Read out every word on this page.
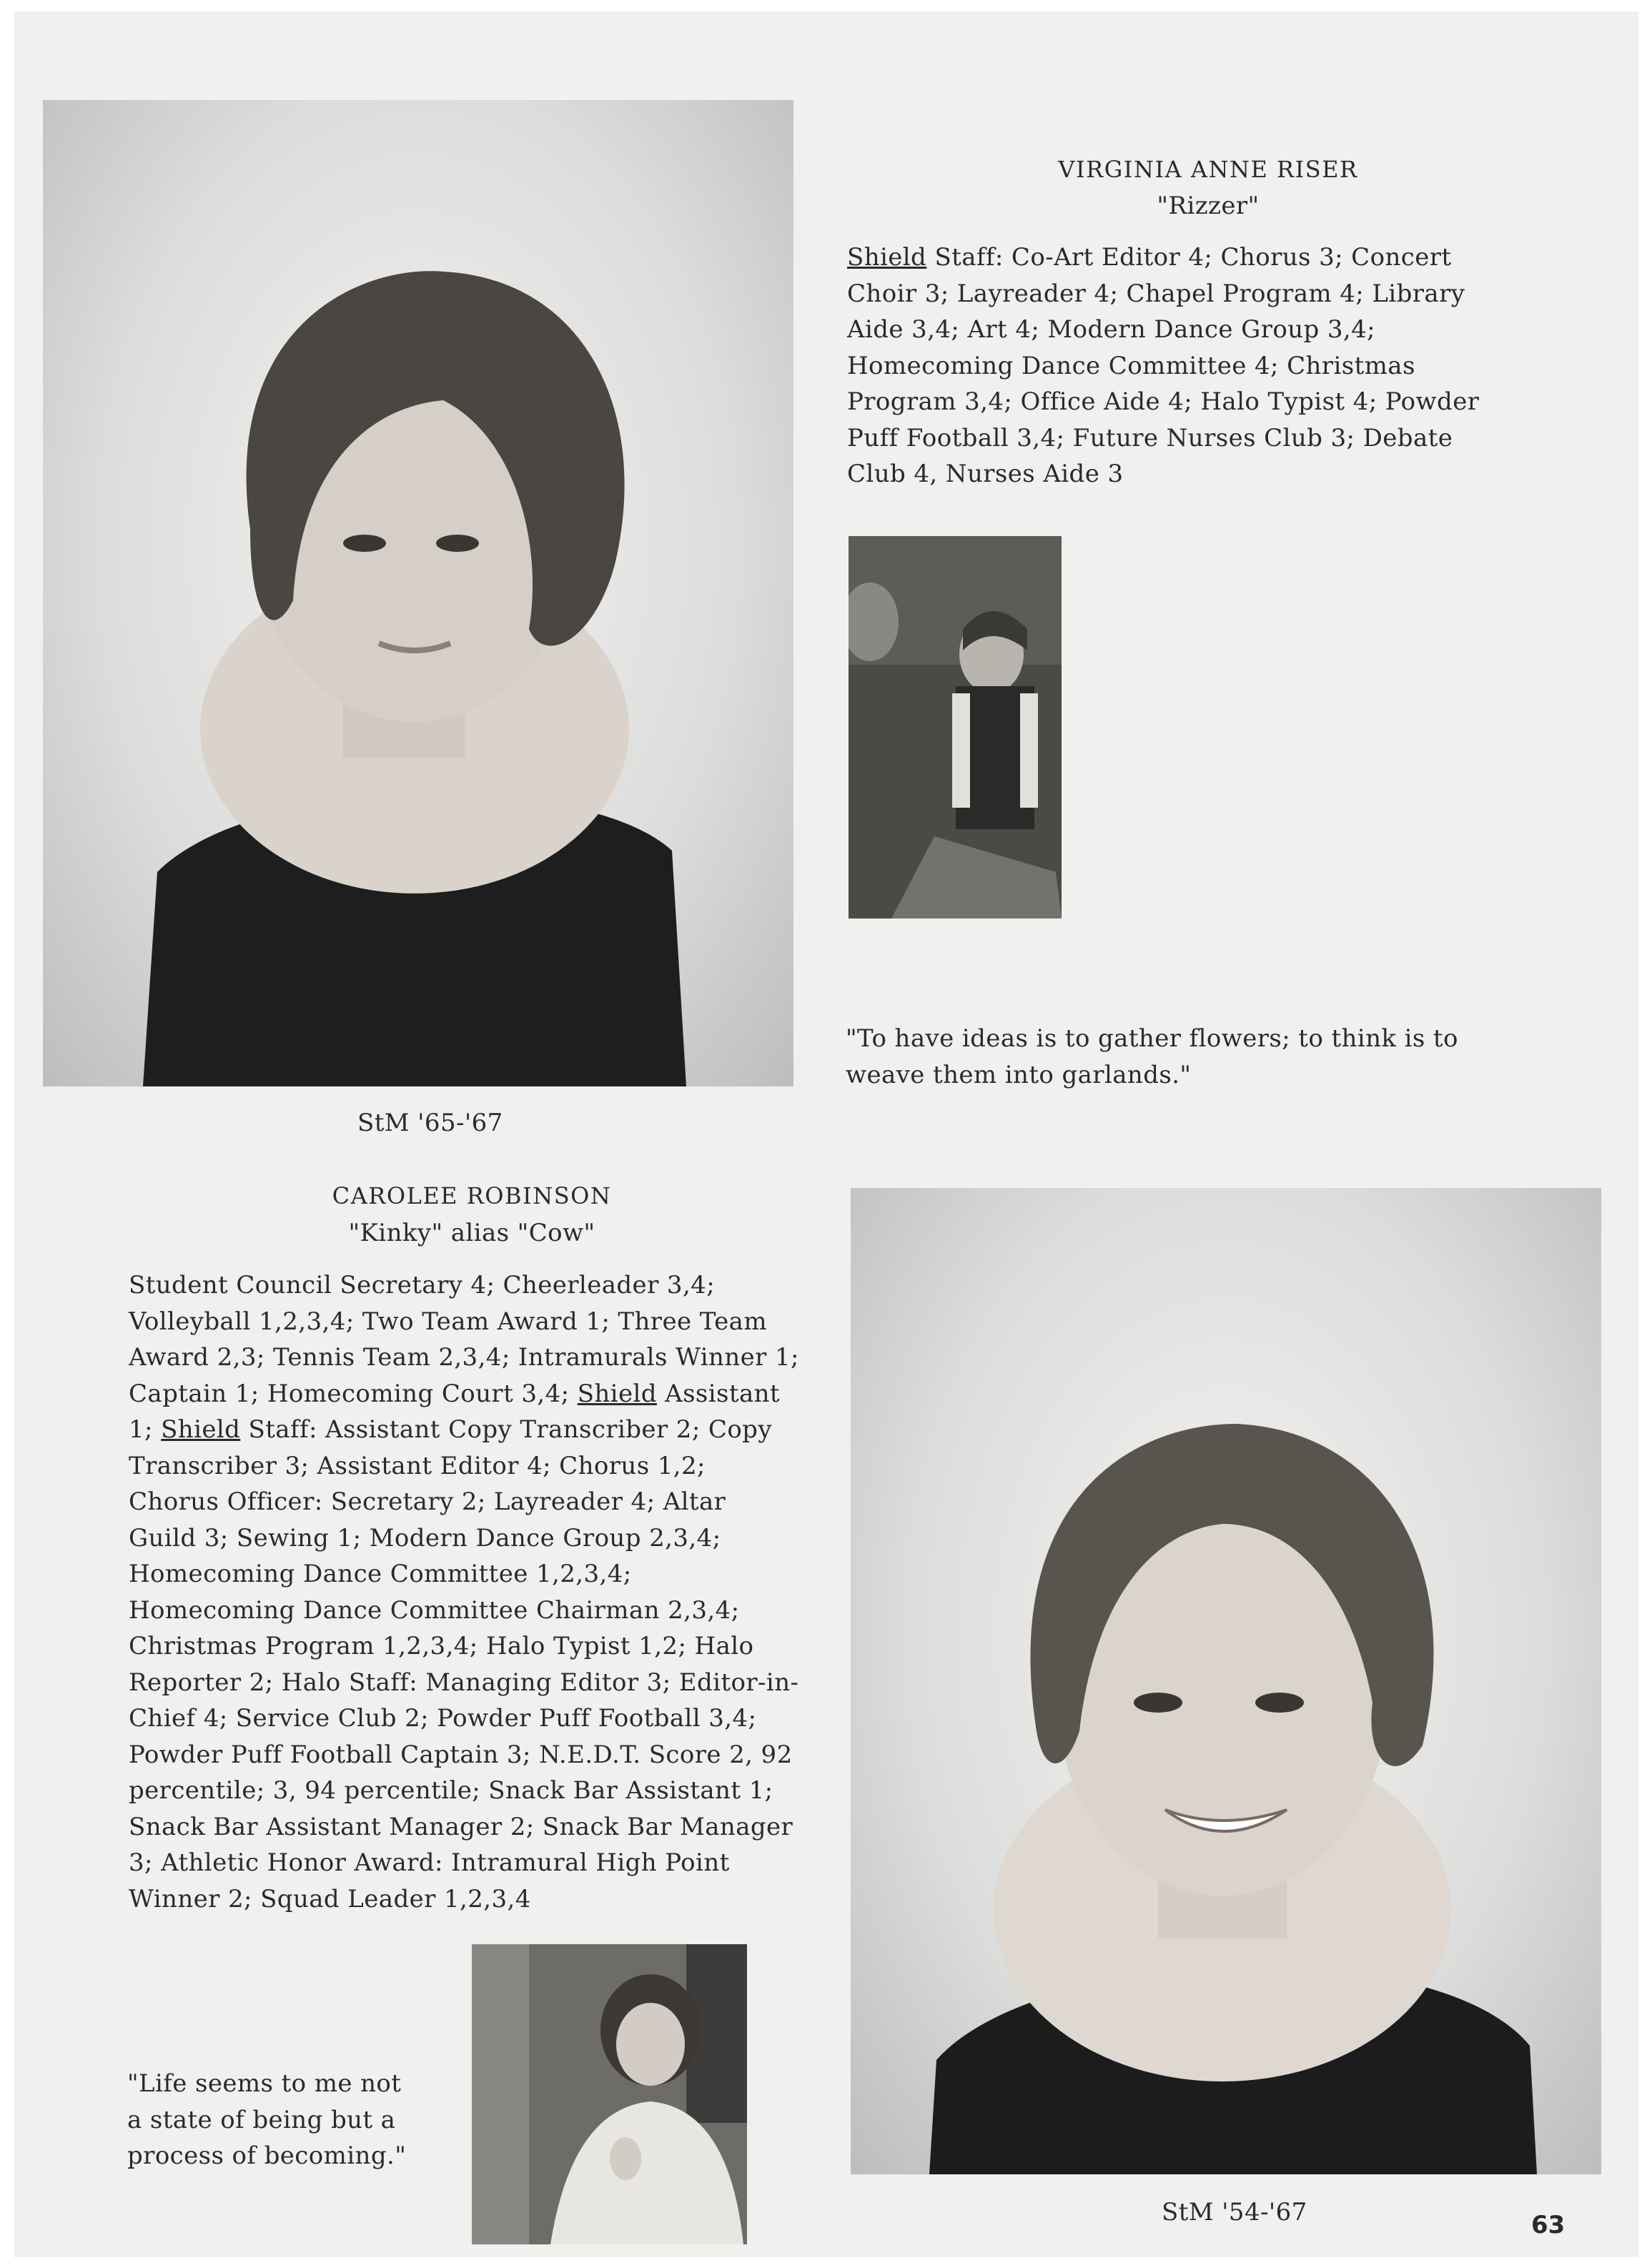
VIRGINIA ANNE RISER
"Rizzer"
Shield Staff: Co-Art Editor 4; Chorus 3; Concert Choir 3; Layreader 4; Chapel Program 4; Library Aide 3,4; Art 4; Modern Dance Group 3,4; Homecoming Dance Committee 4; Christmas Program 3,4; Office Aide 4; Halo Typist 4; Powder Puff Football 3,4; Future Nurses Club 3; Debate Club 4, Nurses Aide 3
"To have ideas is to gather flowers; to think is to weave them into garlands."
StM '65-'67
CAROLEE ROBINSON
"Kinky" alias "Cow"
Student Council Secretary 4; Cheerleader 3,4; Volleyball 1,2,3,4; Two Team Award 1; Three Team Award 2,3; Tennis Team 2,3,4; Intramurals Winner 1; Captain 1; Homecoming Court 3,4; Shield Assistant 1; Shield Staff: Assistant Copy Transcriber 2; Copy Transcriber 3; Assistant Editor 4; Chorus 1,2; Chorus Officer: Secretary 2; Layreader 4; Altar Guild 3; Sewing 1; Modern Dance Group 2,3,4; Homecoming Dance Committee 1,2,3,4; Homecoming Dance Committee Chairman 2,3,4; Christmas Program 1,2,3,4; Halo Typist 1,2; Halo Reporter 2; Halo Staff: Managing Editor 3; Editor-in-Chief 4; Service Club 2; Powder Puff Football 3,4; Powder Puff Football Captain 3; N.E.D.T. Score 2, 92 percentile; 3, 94 percentile; Snack Bar Assistant 1; Snack Bar Assistant Manager 2; Snack Bar Manager 3; Athletic Honor Award: Intramural High Point Winner 2; Squad Leader 1,2,3,4
"Life seems to me not a state of being but a process of becoming."
StM '54-'67	63
